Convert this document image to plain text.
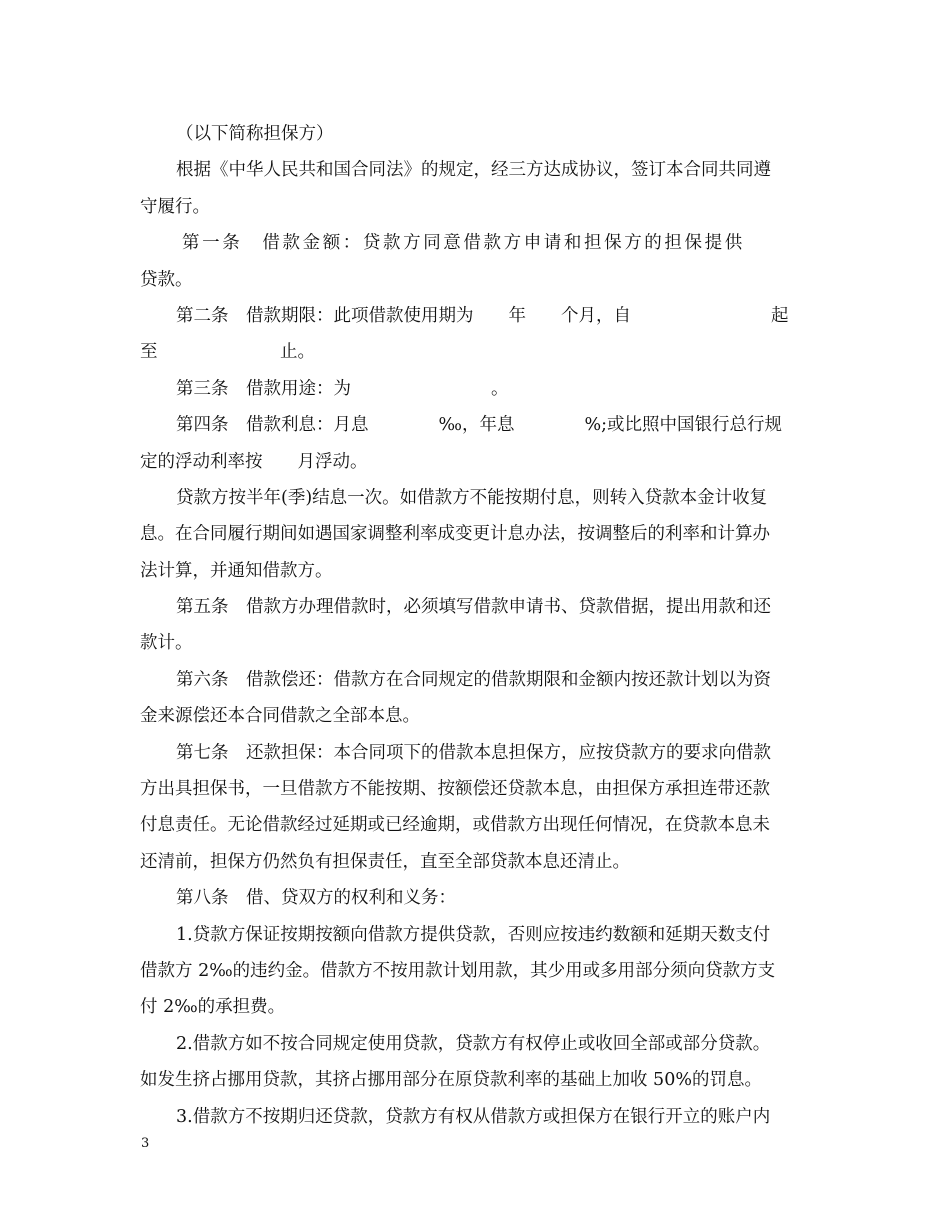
（以下简称担保方）
根据《中华人民共和国合同法》的规定，经三方达成协议，签订本合同共同遵
守履行。
第一条　借款金额：贷款方同意借款方申请和担保方的担保提供
贷款。
第二条　借款期限：此项借款使用期为　　年　　个月，自　　　　　　　　起
至　　　　　　　止。
第三条　借款用途：为　　　　　　　　。
第四条　借款利息：月息　　　　‰，年息　　　　%;或比照中国银行总行规
定的浮动利率按　　月浮动。
贷款方按半年(季)结息一次。如借款方不能按期付息，则转入贷款本金计收复
息。在合同履行期间如遇国家调整利率成变更计息办法，按调整后的利率和计算办
法计算，并通知借款方。
第五条　借款方办理借款时，必须填写借款申请书、贷款借据，提出用款和还
款计。
第六条　借款偿还：借款方在合同规定的借款期限和金额内按还款计划以为资
金来源偿还本合同借款之全部本息。
第七条　还款担保：本合同项下的借款本息担保方，应按贷款方的要求向借款
方出具担保书，一旦借款方不能按期、按额偿还贷款本息，由担保方承担连带还款
付息责任。无论借款经过延期或已经逾期，或借款方出现任何情况，在贷款本息未
还清前，担保方仍然负有担保责任，直至全部贷款本息还清止。
第八条　借、贷双方的权利和义务：
1.贷款方保证按期按额向借款方提供贷款，否则应按违约数额和延期天数支付
借款方 2‰的违约金。借款方不按用款计划用款，其少用或多用部分须向贷款方支
付 2‰的承担费。
2.借款方如不按合同规定使用贷款，贷款方有权停止或收回全部或部分贷款。
如发生挤占挪用贷款，其挤占挪用部分在原贷款利率的基础上加收 50%的罚息。
3.借款方不按期归还贷款，贷款方有权从借款方或担保方在银行开立的账户内
3
